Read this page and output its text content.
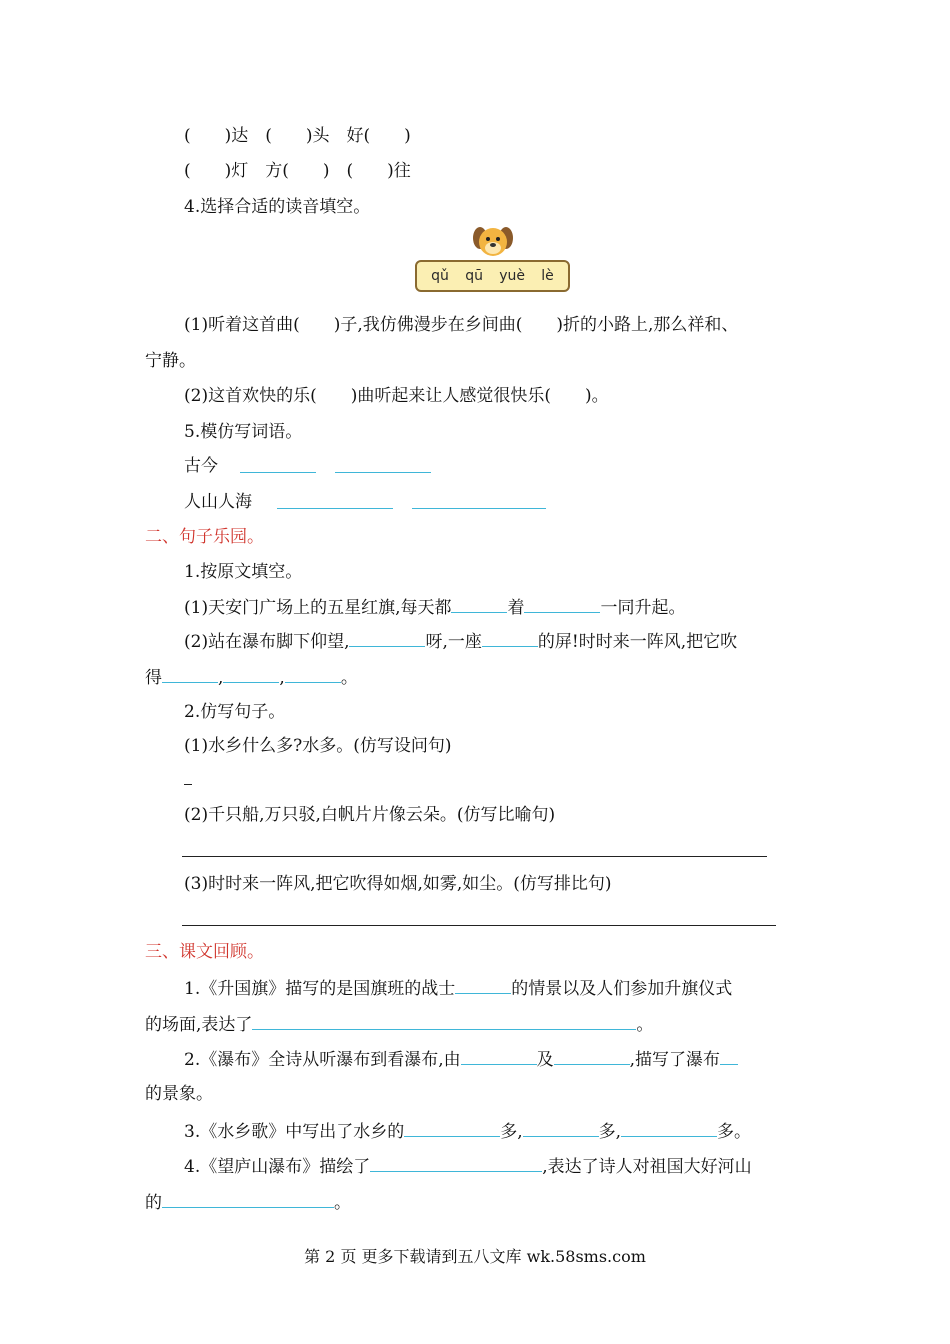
(　　)达　(　　)头　好(　　)
(　　)灯　方(　　)　(　　)往
4.选择合适的读音填空。
qǔ qū yuè lè
(1)听着这首曲(　　)子,我仿佛漫步在乡间曲(　　)折的小路上,那么祥和、
宁静。
(2)这首欢快的乐(　　)曲听起来让人感觉很快乐(　　)。
5.模仿写词语。
古今
人山人海
二、句子乐园。
1.按原文填空。
(1)天安门广场上的五星红旗,每天都	着	一同升起。
(2)站在瀑布脚下仰望,	呀,一座	的屏!时时来一阵风,把它吹
得	,	,	。
2.仿写句子。
(1)水乡什么多?水多。(仿写设问句)
(2)千只船,万只驳,白帆片片像云朵。(仿写比喻句)
(3)时时来一阵风,把它吹得如烟,如雾,如尘。(仿写排比句)
三、课文回顾。
1.《升国旗》描写的是国旗班的战士	的情景以及人们参加升旗仪式
的场面,表达了	。
2.《瀑布》全诗从听瀑布到看瀑布,由	及	,描写了瀑布
的景象。
3.《水乡歌》中写出了水乡的	多,	多,	多。
4.《望庐山瀑布》描绘了	,表达了诗人对祖国大好河山
的	。
第 2 页 更多下载请到五八文库 wk.58sms.com
